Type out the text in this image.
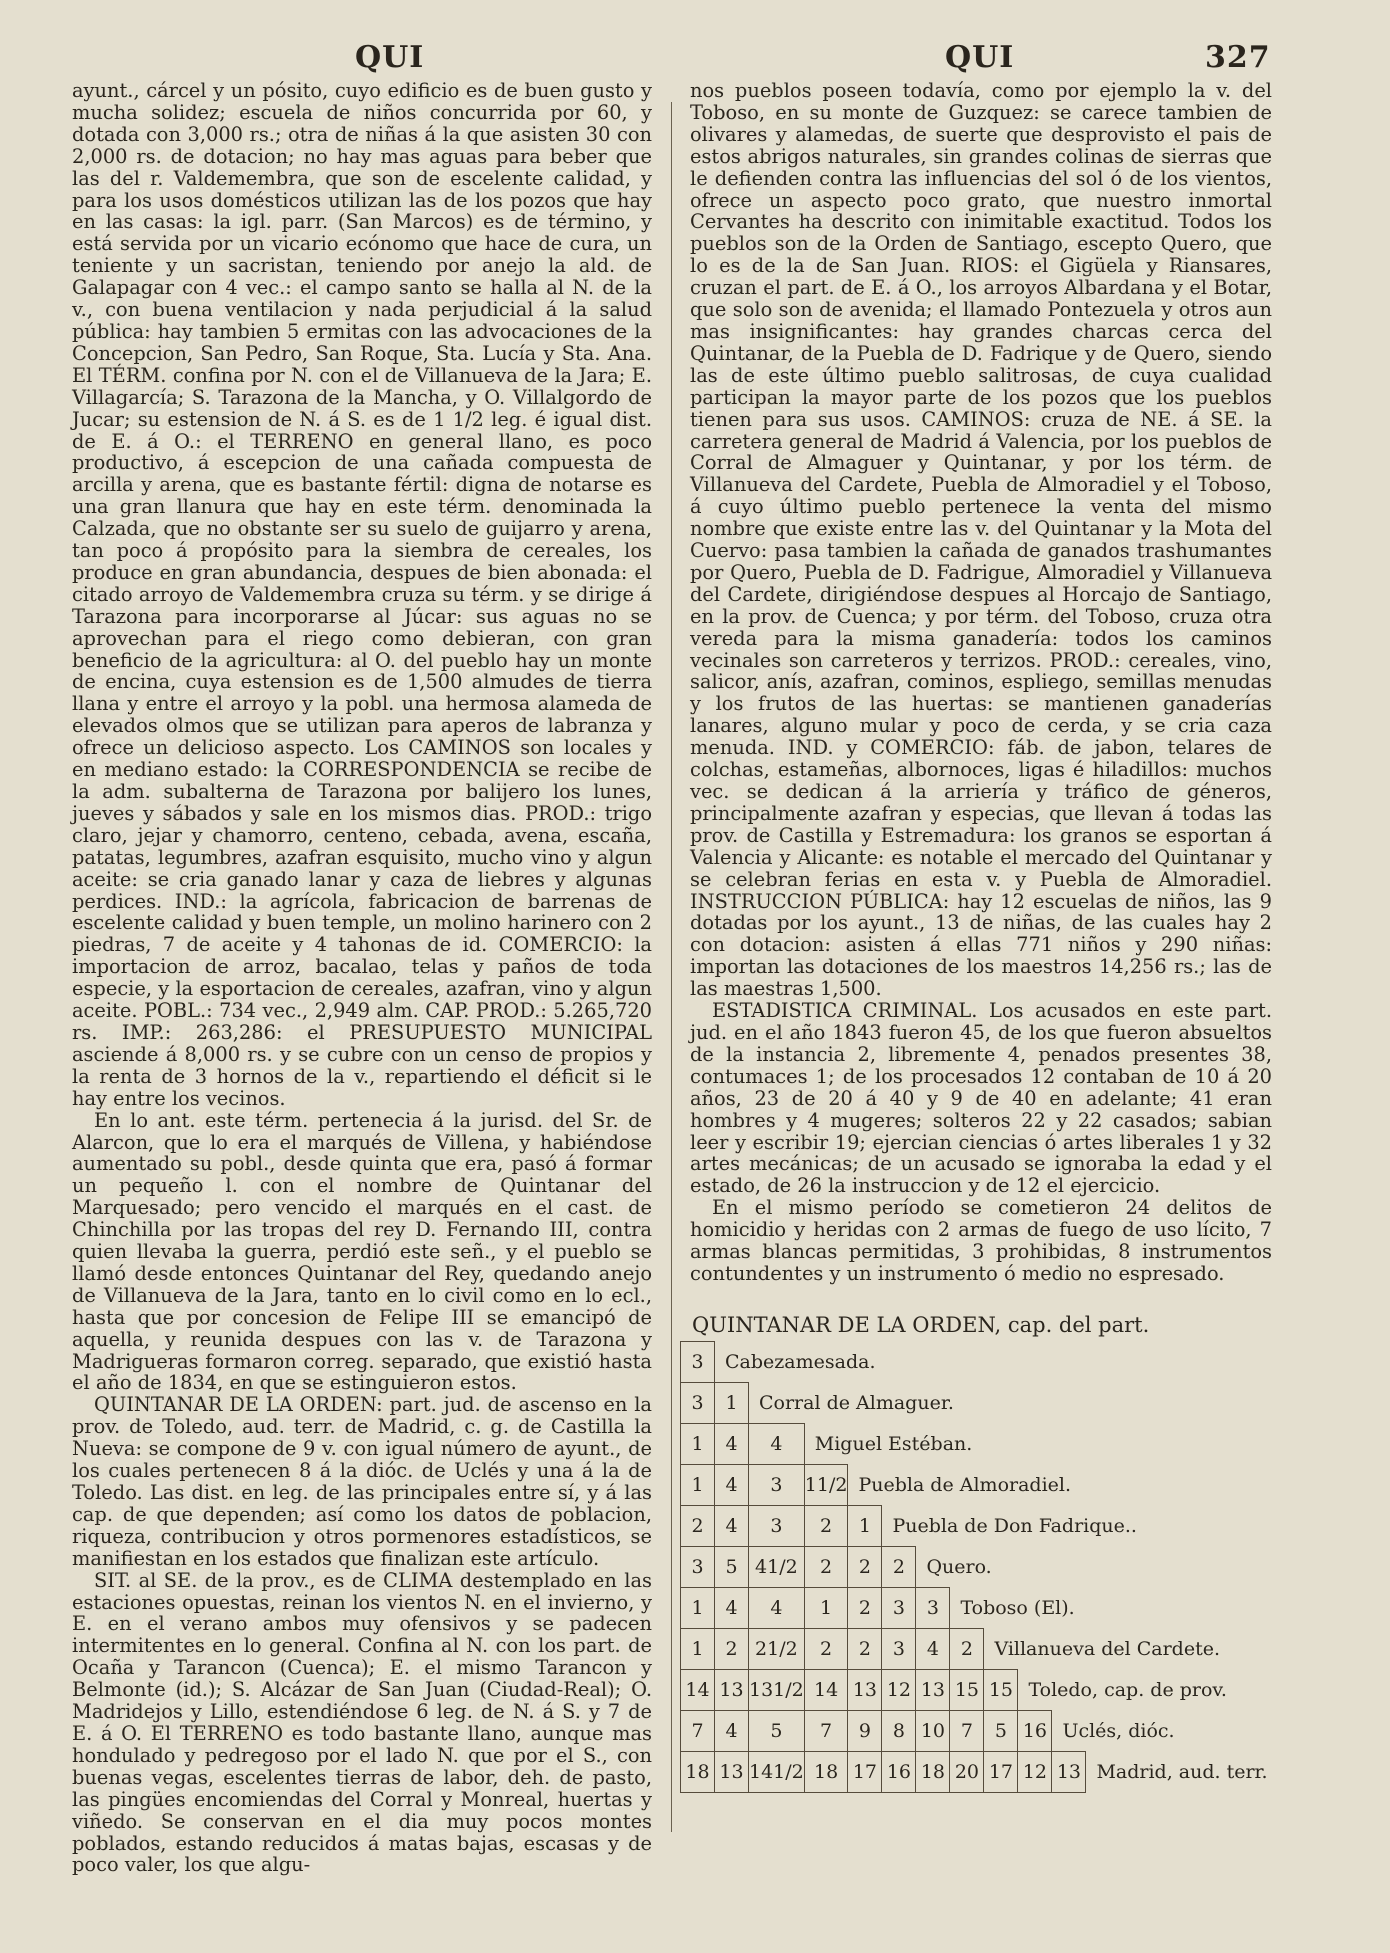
QUI	QUI	327

ayunt., cárcel y un pósito, cuyo edificio es de buen gusto y mucha solidez; escuela de niños concurrida por 60, y dotada con 3,000 rs.; otra de niñas á la que asisten 30 con 2,000 rs. de dotacion; no hay mas aguas para beber que las del r. Valdemembra, que son de escelente calidad, y para los usos domésticos utilizan las de los pozos que hay en las casas: la igl. parr. (San Marcos) es de término, y está servida por un vicario ecónomo que hace de cura, un teniente y un sacristan, teniendo por anejo la ald. de Galapagar con 4 vec.: el campo santo se halla al N. de la v., con buena ventilacion y nada perjudicial á la salud pública: hay tambien 5 ermitas con las advocaciones de la Concepcion, San Pedro, San Roque, Sta. Lucía y Sta. Ana. El TÉRM. confina por N. con el de Villanueva de la Jara; E. Villagarcía; S. Tarazona de la Mancha, y O. Villalgordo de Jucar; su estension de N. á S. es de 1 1/2 leg. é igual dist. de E. á O.: el TERRENO en general llano, es poco productivo, á escepcion de una cañada compuesta de arcilla y arena, que es bastante fértil: digna de notarse es una gran llanura que hay en este térm. denominada la Calzada, que no obstante ser su suelo de guijarro y arena, tan poco á propósito para la siembra de cereales, los produce en gran abundancia, despues de bien abonada: el citado arroyo de Valdemembra cruza su térm. y se dirige á Tarazona para incorporarse al Júcar: sus aguas no se aprovechan para el riego como debieran, con gran beneficio de la agricultura: al O. del pueblo hay un monte de encina, cuya estension es de 1,500 almudes de tierra llana y entre el arroyo y la pobl. una hermosa alameda de elevados olmos que se utilizan para aperos de labranza y ofrece un delicioso aspecto. Los CAMINOS son locales y en mediano estado: la CORRESPONDENCIA se recibe de la adm. subalterna de Tarazona por balijero los lunes, jueves y sábados y sale en los mismos dias. PROD.: trigo claro, jejar y chamorro, centeno, cebada, avena, escaña, patatas, legumbres, azafran esquisito, mucho vino y algun aceite: se cria ganado lanar y caza de liebres y algunas perdices. IND.: la agrícola, fabricacion de barrenas de escelente calidad y buen temple, un molino harinero con 2 piedras, 7 de aceite y 4 tahonas de id. COMERCIO: la importacion de arroz, bacalao, telas y paños de toda especie, y la esportacion de cereales, azafran, vino y algun aceite. POBL.: 734 vec., 2,949 alm. CAP. PROD.: 5.265,720 rs. IMP.: 263,286: el PRESUPUESTO MUNICIPAL asciende á 8,000 rs. y se cubre con un censo de propios y la renta de 3 hornos de la v., repartiendo el déficit si le hay entre los vecinos.

En lo ant. este térm. pertenecia á la jurisd. del Sr. de Alarcon, que lo era el marqués de Villena, y habiéndose aumentado su pobl., desde quinta que era, pasó á formar un pequeño l. con el nombre de Quintanar del Marquesado; pero vencido el marqués en el cast. de Chinchilla por las tropas del rey D. Fernando III, contra quien llevaba la guerra, perdió este señ., y el pueblo se llamó desde entonces Quintanar del Rey, quedando anejo de Villanueva de la Jara, tanto en lo civil como en lo ecl., hasta que por concesion de Felipe III se emancipó de aquella, y reunida despues con las v. de Tarazona y Madrigueras formaron correg. separado, que existió hasta el año de 1834, en que se estinguieron estos.

QUINTANAR DE LA ORDEN: part. jud. de ascenso en la prov. de Toledo, aud. terr. de Madrid, c. g. de Castilla la Nueva: se compone de 9 v. con igual número de ayunt., de los cuales pertenecen 8 á la dióc. de Uclés y una á la de Toledo. Las dist. en leg. de las principales entre sí, y á las cap. de que dependen; así como los datos de poblacion, riqueza, contribucion y otros pormenores estadísticos, se manifiestan en los estados que finalizan este artículo.

SIT. al SE. de la prov., es de CLIMA destemplado en las estaciones opuestas, reinan los vientos N. en el invierno, y E. en el verano ambos muy ofensivos y se padecen intermitentes en lo general. Confina al N. con los part. de Ocaña y Tarancon (Cuenca); E. el mismo Tarancon y Belmonte (id.); S. Alcázar de San Juan (Ciudad-Real); O. Madridejos y Lillo, estendiéndose 6 leg. de N. á S. y 7 de E. á O. El TERRENO es todo bastante llano, aunque mas hondulado y pedregoso por el lado N. que por el S., con buenas vegas, escelentes tierras de labor, deh. de pasto, las pingües encomiendas del Corral y Monreal, huertas y viñedo. Se conservan en el dia muy pocos montes poblados, estando reducidos á matas bajas, escasas y de poco valer, los que algu-

nos pueblos poseen todavía, como por ejemplo la v. del Toboso, en su monte de Guzquez: se carece tambien de olivares y alamedas, de suerte que desprovisto el pais de estos abrigos naturales, sin grandes colinas de sierras que le defienden contra las influencias del sol ó de los vientos, ofrece un aspecto poco grato, que nuestro inmortal Cervantes ha descrito con inimitable exactitud. Todos los pueblos son de la Orden de Santiago, escepto Quero, que lo es de la de San Juan. RIOS: el Gigüela y Riansares, cruzan el part. de E. á O., los arroyos Albardana y el Botar, que solo son de avenida; el llamado Pontezuela y otros aun mas insignificantes: hay grandes charcas cerca del Quintanar, de la Puebla de D. Fadrique y de Quero, siendo las de este último pueblo salitrosas, de cuya cualidad participan la mayor parte de los pozos que los pueblos tienen para sus usos. CAMINOS: cruza de NE. á SE. la carretera general de Madrid á Valencia, por los pueblos de Corral de Almaguer y Quintanar, y por los térm. de Villanueva del Cardete, Puebla de Almoradiel y el Toboso, á cuyo último pueblo pertenece la venta del mismo nombre que existe entre las v. del Quintanar y la Mota del Cuervo: pasa tambien la cañada de ganados trashumantes por Quero, Puebla de D. Fadrigue, Almoradiel y Villanueva del Cardete, dirigiéndose despues al Horcajo de Santiago, en la prov. de Cuenca; y por térm. del Toboso, cruza otra vereda para la misma ganadería: todos los caminos vecinales son carreteros y terrizos. PROD.: cereales, vino, salicor, anís, azafran, cominos, espliego, semillas menudas y los frutos de las huertas: se mantienen ganaderías lanares, alguno mular y poco de cerda, y se cria caza menuda. IND. y COMERCIO: fáb. de jabon, telares de colchas, estameñas, albornoces, ligas é hiladillos: muchos vec. se dedican á la arriería y tráfico de géneros, principalmente azafran y especias, que llevan á todas las prov. de Castilla y Estremadura: los granos se esportan á Valencia y Alicante: es notable el mercado del Quintanar y se celebran ferias en esta v. y Puebla de Almoradiel. INSTRUCCION PÚBLICA: hay 12 escuelas de niños, las 9 dotadas por los ayunt., 13 de niñas, de las cuales hay 2 con dotacion: asisten á ellas 771 niños y 290 niñas: importan las dotaciones de los maestros 14,256 rs.; las de las maestras 1,500.

ESTADISTICA CRIMINAL. Los acusados en este part. jud. en el año 1843 fueron 45, de los que fueron absueltos de la instancia 2, libremente 4, penados presentes 38, contumaces 1; de los procesados 12 contaban de 10 á 20 años, 23 de 20 á 40 y 9 de 40 en adelante; 41 eran hombres y 4 mugeres; solteros 22 y 22 casados; sabian leer y escribir 19; ejercian ciencias ó artes liberales 1 y 32 artes mecánicas; de un acusado se ignoraba la edad y el estado, de 26 la instruccion y de 12 el ejercicio.

En el mismo período se cometieron 24 delitos de homicidio y heridas con 2 armas de fuego de uso lícito, 7 armas blancas permitidas, 3 prohibidas, 8 instrumentos contundentes y un instrumento ó medio no espresado.

QUINTANAR DE LA ORDEN, cap. del part.
3	Cabezamesada.										
3	1	Corral de Almaguer.									
1	4	4	Miguel Estéban.								
1	4	3	11/2	Puebla de Almoradiel.							
2	4	3	2	1	Puebla de Don Fadrique..						
3	5	41/2	2	2	2	Quero.					
1	4	4	1	2	3	3	Toboso (El).				
1	2	21/2	2	2	3	4	2	Villanueva del Cardete.			
14	13	131/2	14	13	12	13	15	15	Toledo, cap. de prov.		
7	4	5	7	9	8	10	7	5	16	Uclés, dióc.	
18	13	141/2	18	17	16	18	20	17	12	13	Madrid, aud. terr.
